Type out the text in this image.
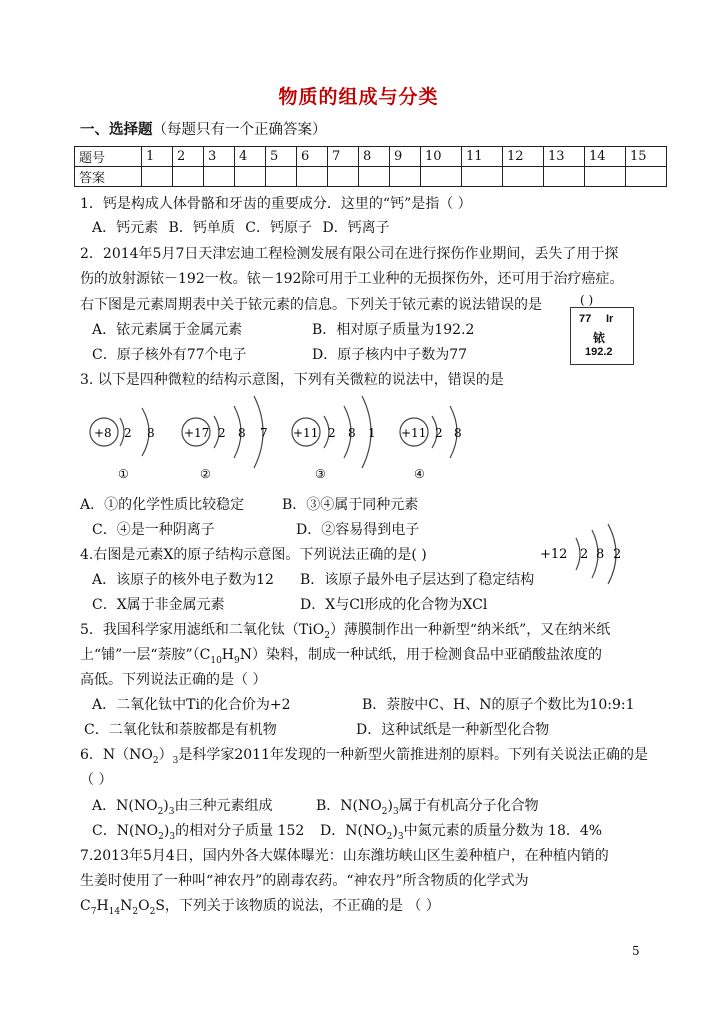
物质的组成与分类
一、选择题（每题只有一个正确答案）
题号	1	2	3	4	5	6	7	8	9	10	11	12	13	14	15
答案															
1．钙是构成人体骨骼和牙齿的重要成分．这里的“钙”是指（ ）
A．钙元素 B．钙单质 C．钙原子 D．钙离子
2．2014年5月7日天津宏迪工程检测发展有限公司在进行探伤作业期间，丢失了用于探
伤的放射源铱－192一枚。铱－192除可用于工业种的无损探伤外，还可用于治疗癌症。
右下图是元素周期表中关于铱元素的信息。下列关于铱元素的说法错误的是	( )
A．铱元素属于金属元素	B．相对原子质量为192.2
C．原子核外有77个电子	D．原子核内中子数为77
77 Ir
铱
192.2
3. 以下是四种微粒的结构示意图，下列有关微粒的说法中，错误的是
+8 2 8
①
+17 2 8 7
②
+11 2 8 1
③
+11 2 8
④
A．①的化学性质比较稳定	B．③④属于同种元素
C．④是一种阴离子	D．②容易得到电子
4.右图是元素X的原子结构示意图。下列说法正确的是( )	+12 2 8 2
A．该原子的核外电子数为12 B．该原子最外电子层达到了稳定结构
C．X属于非金属元素	D．X与Cl形成的化合物为XCl
5．我国科学家用滤纸和二氧化钛（TiO$_2$）薄膜制作出一种新型“纳米纸”，又在纳米纸
上“铺”一层“萘胺$”(C_{10}H_9N)$染料，制成一种试纸，用于检测食品中亚硝酸盐浓度的
高低。下列说法正确的是（ ）
A．二氧化钛中Ti的化合价为+2	B．萘胺中C、H、N的原子个数比为10:9:1
C．二氧化钛和萘胺都是有机物	D．这种试纸是一种新型化合物
6．$N(NO_2)_3$是科学家2011年发现的一种新型火箭推进剂的原料。下列有关说法正确的是
（ ）
A．$N(NO_2)_3$由三种元素组成	B．$N(NO_2)_3$属于有机高分子化合物
C．$N(NO_2)_3$的相对分子质量 152 D．$N(NO_2)_3$中氮元素的质量分数为 18．4%
7.2013年5月4日，国内外各大媒体曝光：山东潍坊峡山区生姜种植户，在种植内销的
生姜时使用了一种叫“神农丹”的剧毒农药。“神农丹”所含物质的化学式为
$C_7H_{14}N_2O_2S$，下列关于该物质的说法，不正确的是 （ ）
5
